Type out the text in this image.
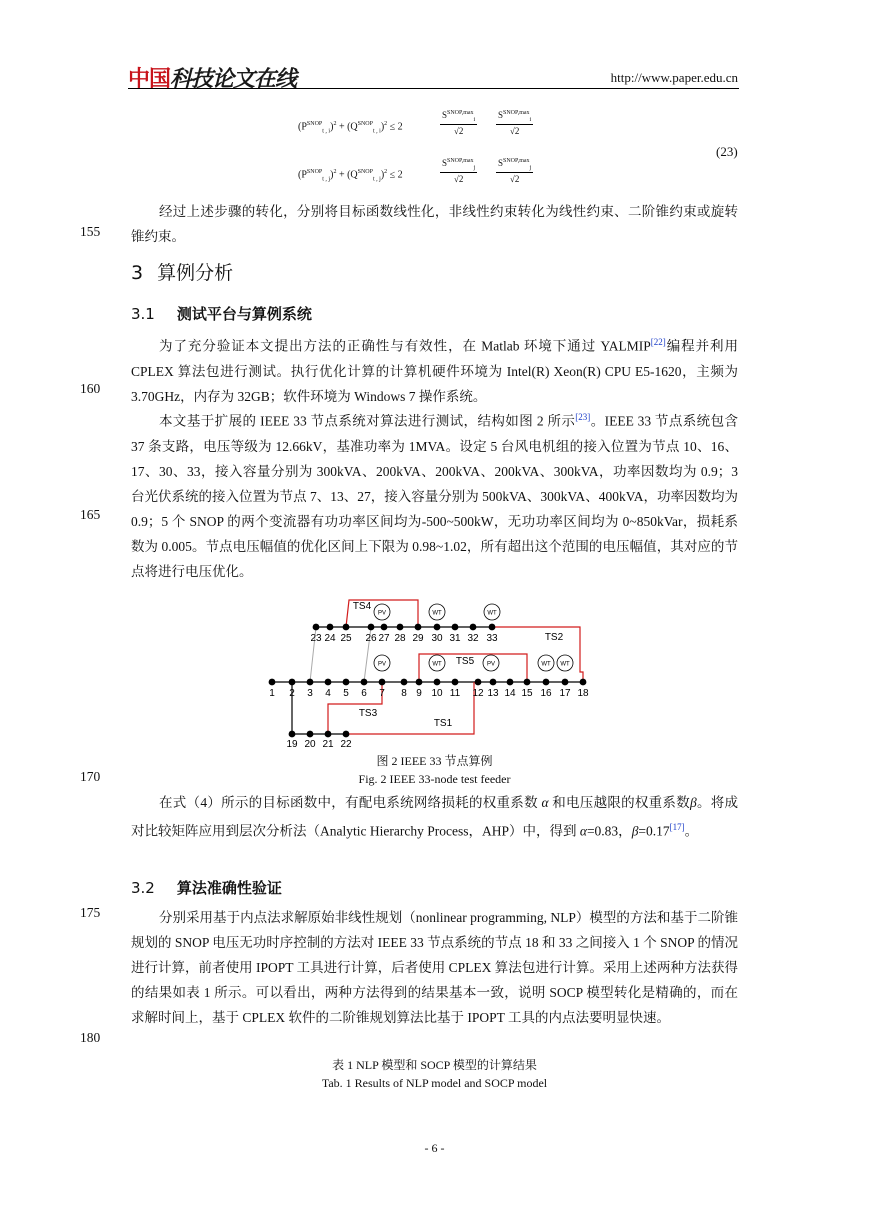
中国科技论文在线	http://www.paper.edu.cn
$(P^{SNOP}_{t , i})^2 + (Q^{SNOP}_{t , i})^2 \le 2$
$S^{SNOP,max}_i$
√2
$S^{SNOP,max}_i$
√2
$(P^{SNOP}_{t , j})^2 + (Q^{SNOP}_{t , j})^2 \le 2$
$S^{SNOP,max}_j$
√2
$S^{SNOP,max}_j$
√2
(23)
经过上述步骤的转化，分别将目标函数线性化，非线性约束转化为线性约束、二阶锥约束或旋转锥约束。
155
3 算例分析
3.1 测试平台与算例系统
为了充分验证本文提出方法的正确性与有效性，在 Matlab 环境下通过 YALMIP[22]编程并利用 CPLEX 算法包进行测试。执行优化计算的计算机硬件环境为 Intel(R) Xeon(R) CPU E5-1620，主频为 3.70GHz，内存为 32GB；软件环境为 Windows 7 操作系统。
160
本文基于扩展的 IEEE 33 节点系统对算法进行测试，结构如图 2 所示[23]。IEEE 33 节点系统包含 37 条支路，电压等级为 12.66kV，基准功率为 1MVA。设定 5 台风电机组的接入位置为节点 10、16、17、30、33，接入容量分别为 300kVA、200kVA、200kVA、200kVA、300kVA，功率因数均为 0.9；3 台光伏系统的接入位置为节点 7、13、27，接入容量分别为 500kVA、300kVA、400kVA，功率因数均为 0.9；5 个 SNOP 的两个变流器有功功率区间均为-500~500kW，无功功率区间均为 0~850kVar，损耗系数为 0.005。节点电压幅值的优化区间上下限为 0.98~1.02，所有超出这个范围的电压幅值，其对应的节点将进行电压优化。
165
PV	WT	WT
PV	WT	PV	WT WT
1 2 3 4 5 6 7 8 9 10 11 12 13 14 15 16 17 18
23 24 25 26 27 28 29 30 31 32 33
19 20 21 22
TS4
TS2
TS5
TS3
TS1
图 2 IEEE 33 节点算例
Fig. 2 IEEE 33-node test feeder
170
在式（4）所示的目标函数中，有配电系统网络损耗的权重系数 α 和电压越限的权重系数β。将成对比较矩阵应用到层次分析法（Analytic Hierarchy Process，AHP）中，得到 α=0.83，β=0.17[17]。
3.2 算法准确性验证
分别采用基于内点法求解原始非线性规划（nonlinear programming, NLP）模型的方法和基于二阶锥规划的 SNOP 电压无功时序控制的方法对 IEEE 33 节点系统的节点 18 和 33 之间接入 1 个 SNOP 的情况进行计算，前者使用 IPOPT 工具进行计算，后者使用 CPLEX 算法包进行计算。采用上述两种方法获得的结果如表 1 所示。可以看出，两种方法得到的结果基本一致，说明 SOCP 模型转化是精确的，而在求解时间上，基于 CPLEX 软件的二阶锥规划算法比基于 IPOPT 工具的内点法要明显快速。
175
180
表 1 NLP 模型和 SOCP 模型的计算结果
Tab. 1 Results of NLP model and SOCP model
- 6 -
